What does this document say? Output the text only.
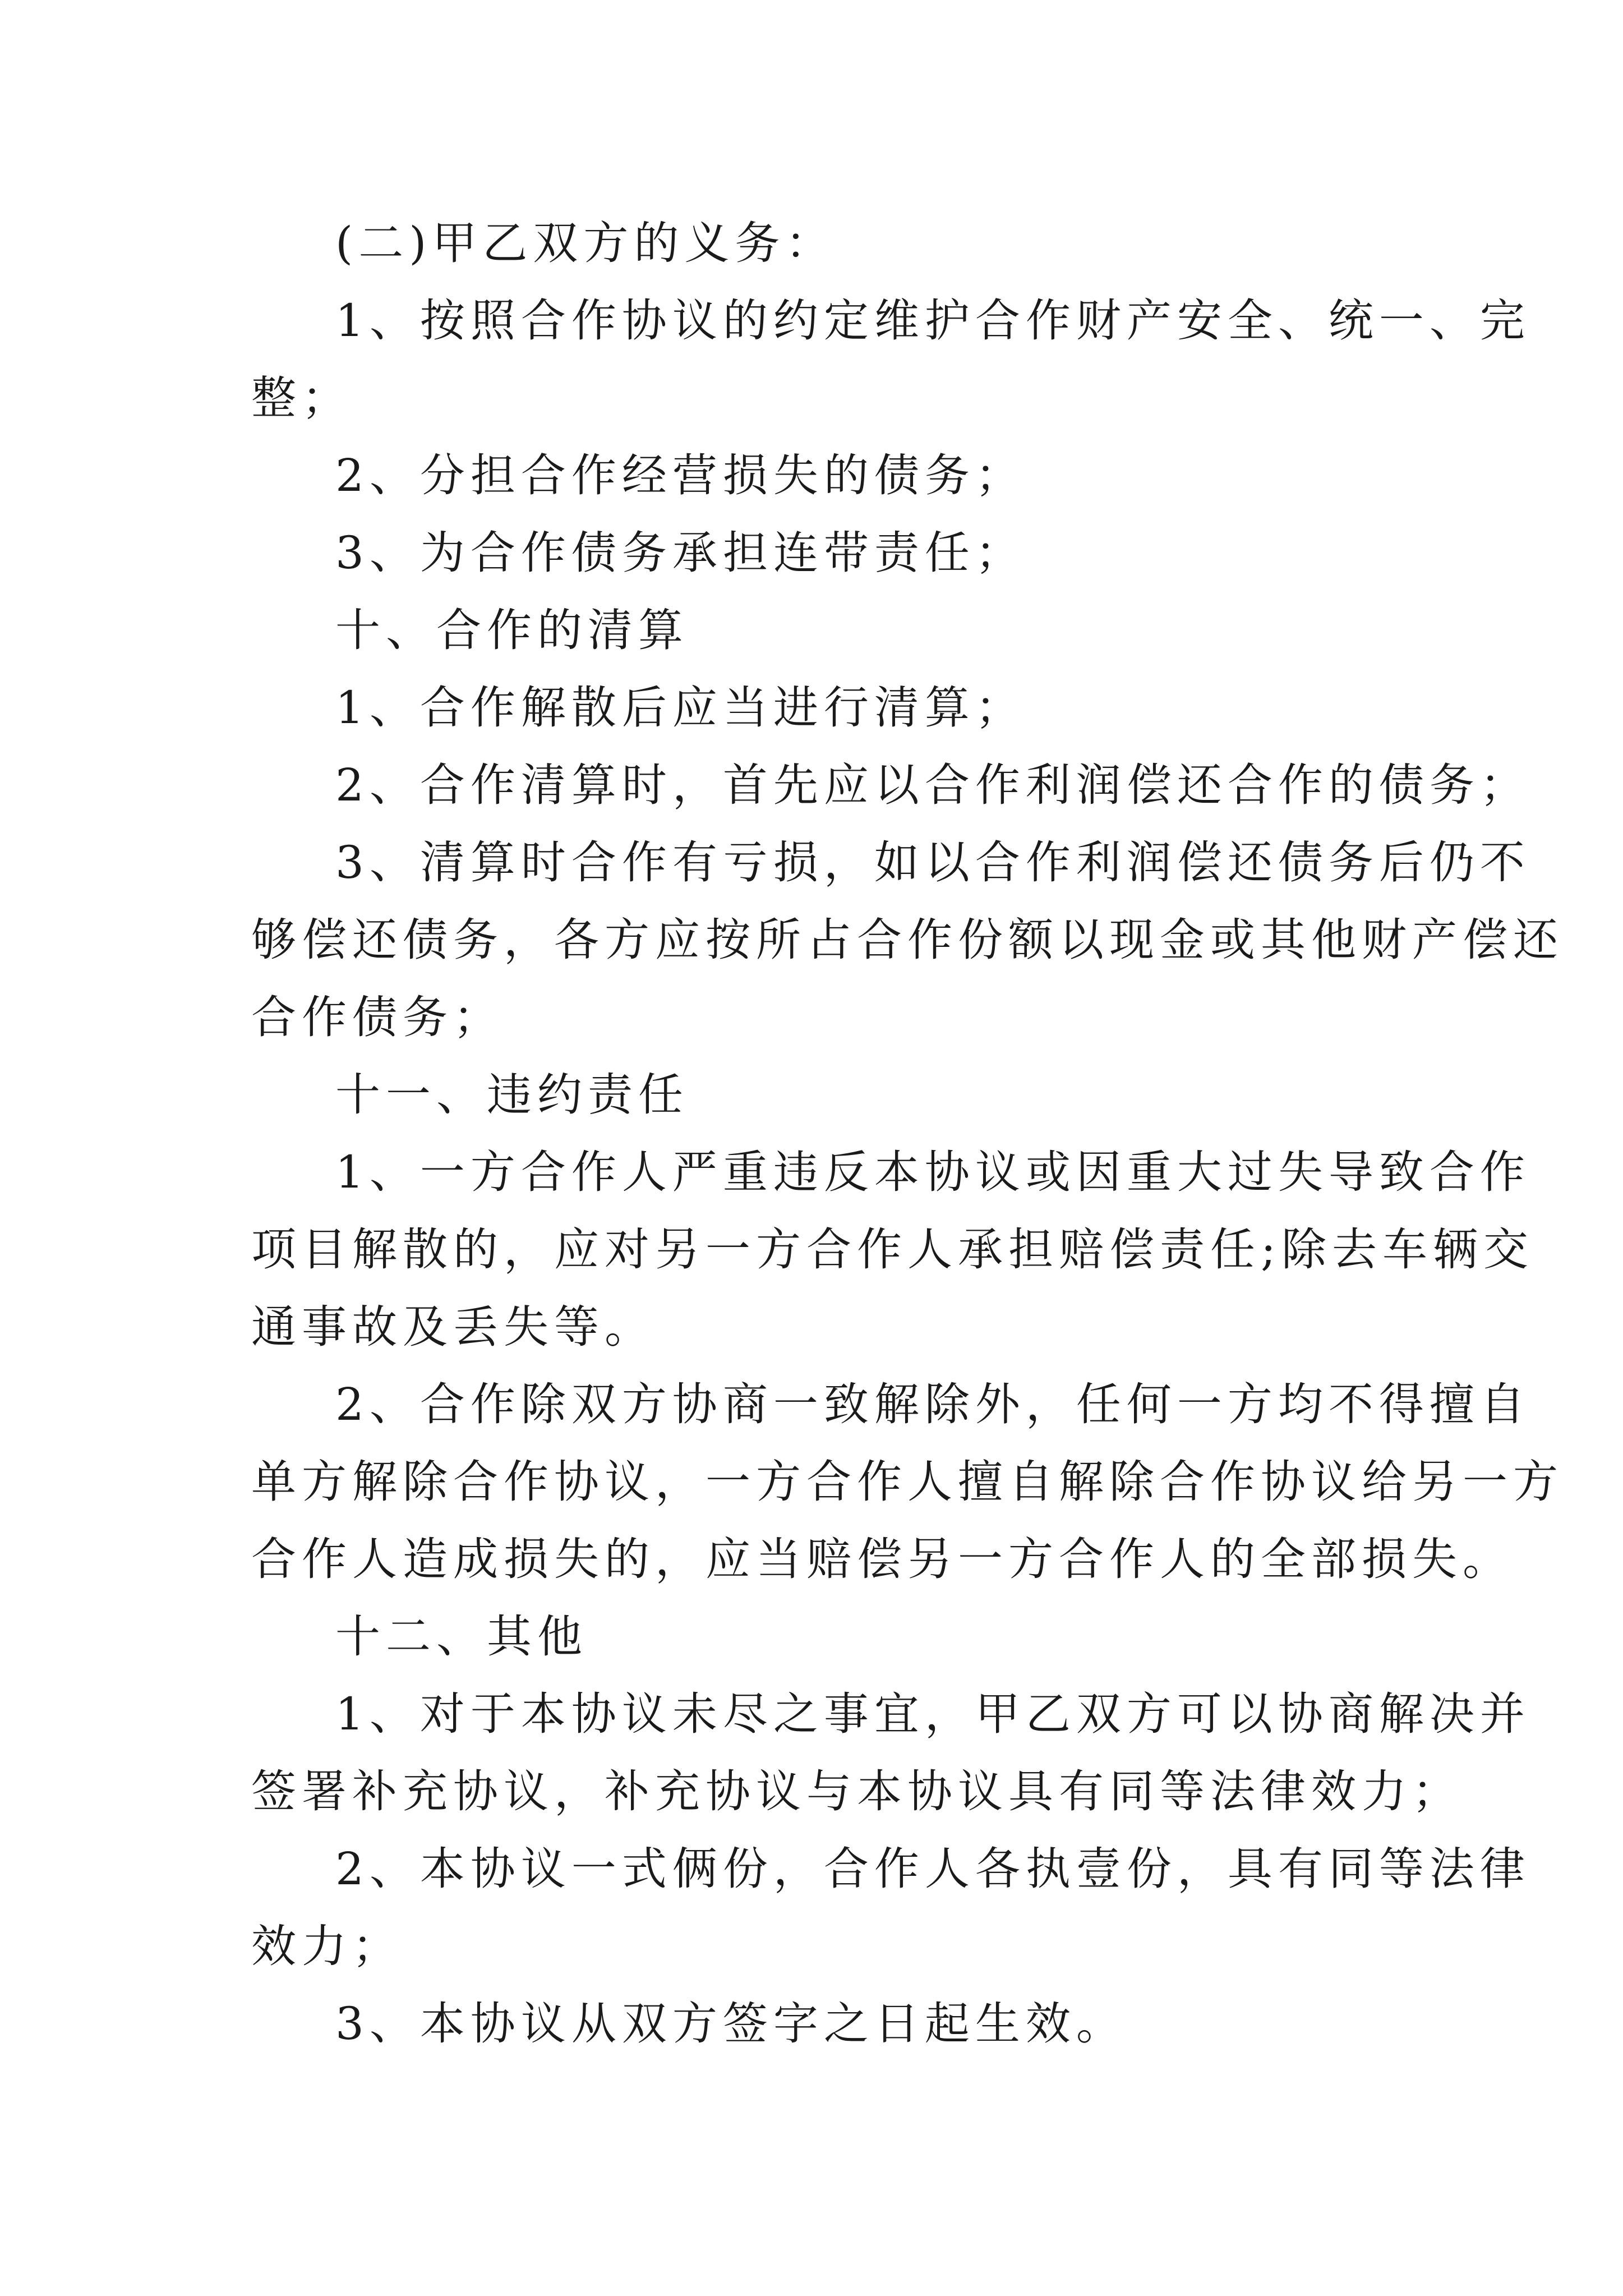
(二)甲乙双方的义务：
1、按照合作协议的约定维护合作财产安全、统一、完
整；
2、分担合作经营损失的债务；
3、为合作债务承担连带责任；
十、合作的清算
1、合作解散后应当进行清算；
2、合作清算时，首先应以合作利润偿还合作的债务；
3、清算时合作有亏损，如以合作利润偿还债务后仍不
够偿还债务，各方应按所占合作份额以现金或其他财产偿还
合作债务；
十一、违约责任
1、一方合作人严重违反本协议或因重大过失导致合作
项目解散的，应对另一方合作人承担赔偿责任;除去车辆交
通事故及丢失等。
2、合作除双方协商一致解除外，任何一方均不得擅自
单方解除合作协议，一方合作人擅自解除合作协议给另一方
合作人造成损失的，应当赔偿另一方合作人的全部损失。
十二、其他
1、对于本协议未尽之事宜，甲乙双方可以协商解决并
签署补充协议，补充协议与本协议具有同等法律效力；
2、本协议一式俩份，合作人各执壹份，具有同等法律
效力；
3、本协议从双方签字之日起生效。
